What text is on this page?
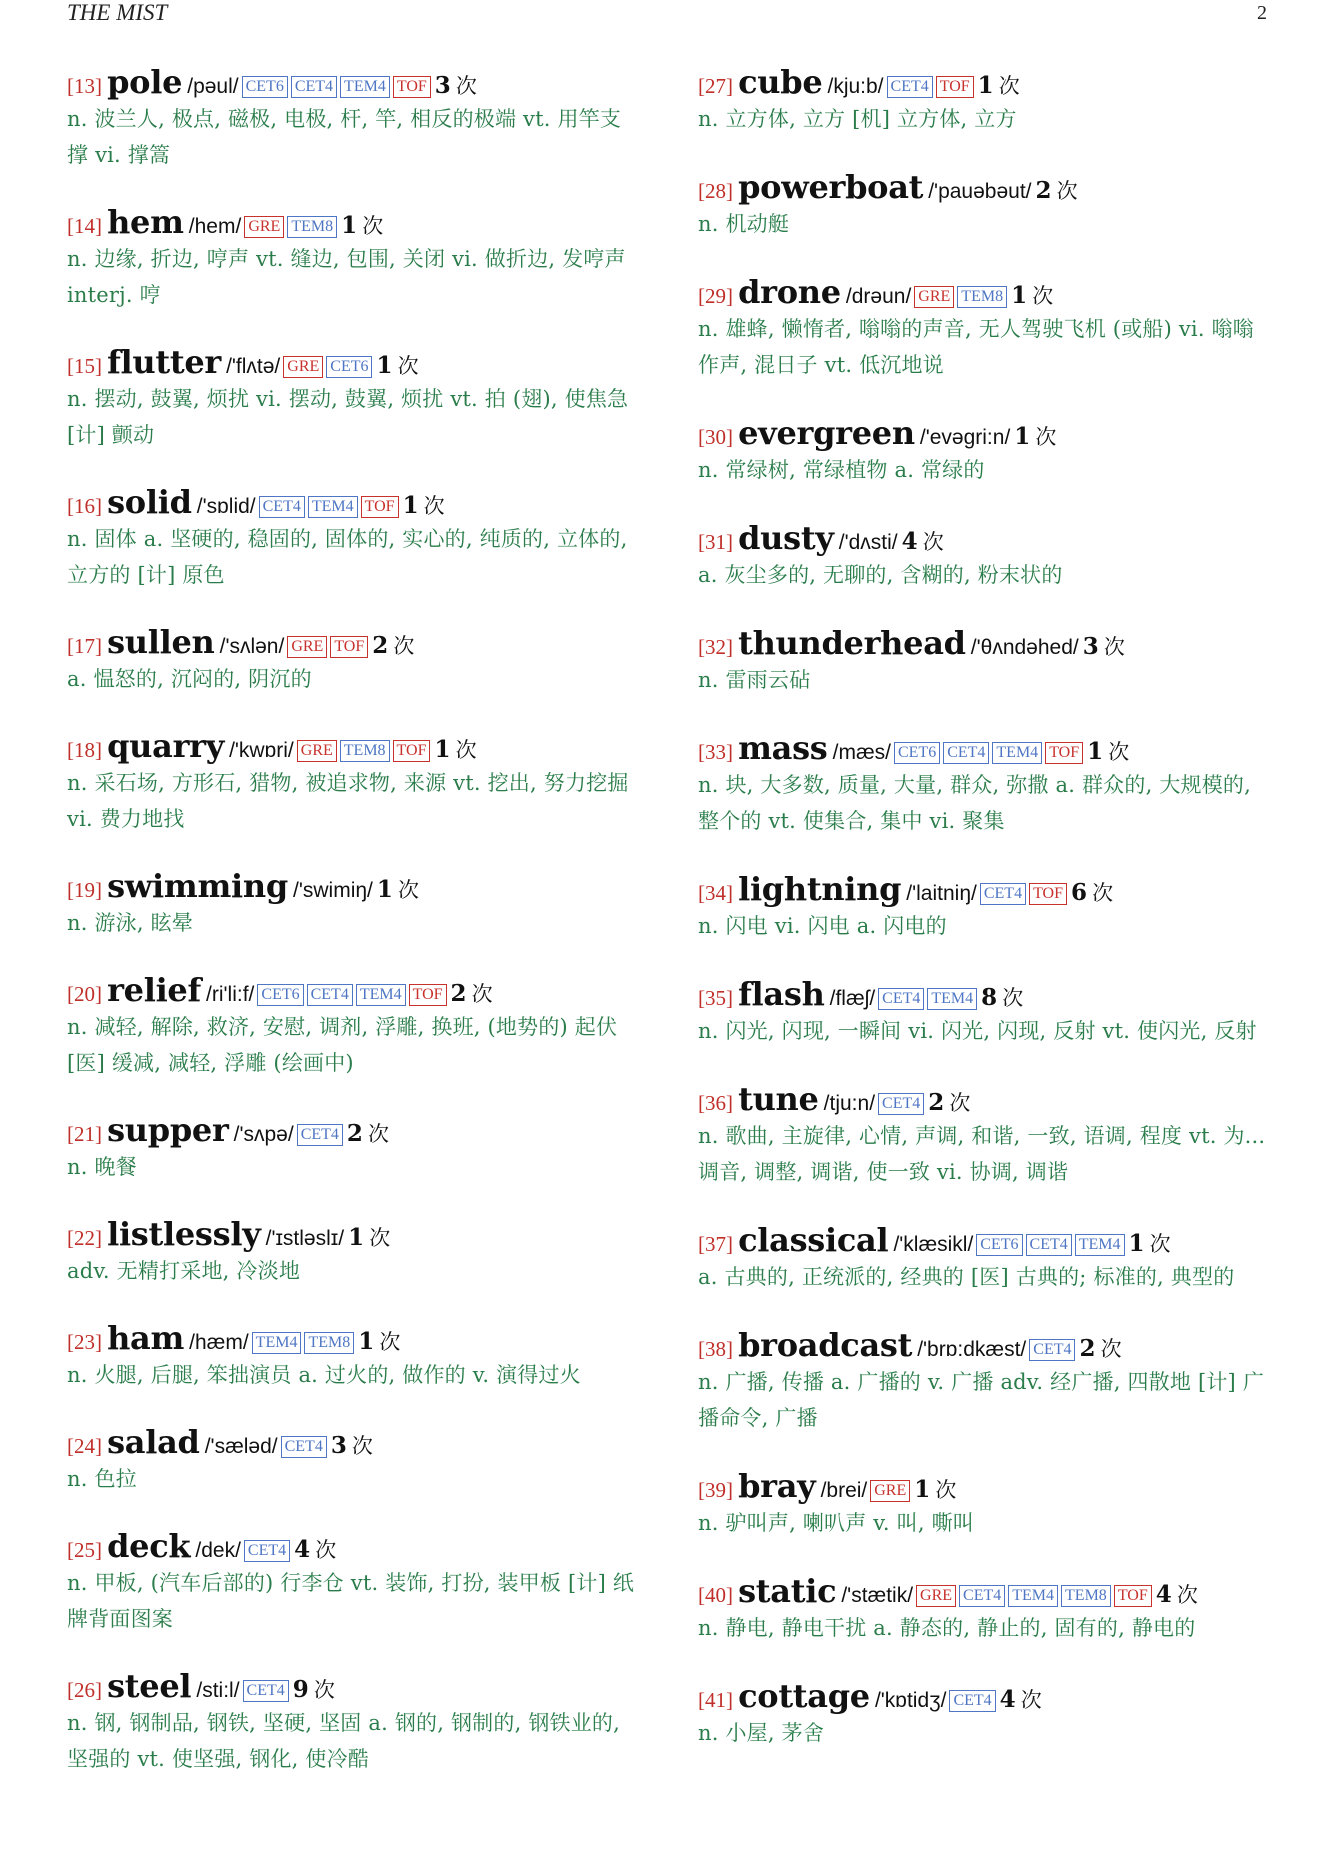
THE MIST	2
[13] pole /pəul/ CET6 CET4 TEM4 TOF 3 次
n. 波兰人, 极点, 磁极, 电极, 杆, 竿, 相反的极端 vt. 用竿支撑 vi. 撑篙
[14] hem /hem/ GRE TEM8 1 次
n. 边缘, 折边, 哼声 vt. 缝边, 包围, 关闭 vi. 做折边, 发哼声 interj. 哼
[15] flutter /'flʌtə/ GRE CET6 1 次
n. 摆动, 鼓翼, 烦扰 vi. 摆动, 鼓翼, 烦扰 vt. 拍 (翅), 使焦急 [计] 颤动
[16] solid /'sɒlid/ CET4 TEM4 TOF 1 次
n. 固体 a. 坚硬的, 稳固的, 固体的, 实心的, 纯质的, 立体的, 立方的 [计] 原色
[17] sullen /'sʌlən/ GRE TOF 2 次
a. 愠怒的, 沉闷的, 阴沉的
[18] quarry /'kwɒri/ GRE TEM8 TOF 1 次
n. 采石场, 方形石, 猎物, 被追求物, 来源 vt. 挖出, 努力挖掘 vi. 费力地找
[19] swimming /'swimiŋ/ 1 次
n. 游泳, 眩晕
[20] relief /ri'li:f/ CET6 CET4 TEM4 TOF 2 次
n. 减轻, 解除, 救济, 安慰, 调剂, 浮雕, 换班, (地势的) 起伏 [医] 缓减, 减轻, 浮雕 (绘画中)
[21] supper /'sʌpə/ CET4 2 次
n. 晚餐
[22] listlessly /'ɪstləslɪ/ 1 次
adv. 无精打采地, 冷淡地
[23] ham /hæm/ TEM4 TEM8 1 次
n. 火腿, 后腿, 笨拙演员 a. 过火的, 做作的 v. 演得过火
[24] salad /'sæləd/ CET4 3 次
n. 色拉
[25] deck /dek/ CET4 4 次
n. 甲板, (汽车后部的) 行李仓 vt. 装饰, 打扮, 装甲板 [计] 纸牌背面图案
[26] steel /sti:l/ CET4 9 次
n. 钢, 钢制品, 钢铁, 坚硬, 坚固 a. 钢的, 钢制的, 钢铁业的, 坚强的 vt. 使坚强, 钢化, 使冷酷
[27] cube /kju:b/ CET4 TOF 1 次
n. 立方体, 立方 [机] 立方体, 立方
[28] powerboat /'pauəbəut/ 2 次
n. 机动艇
[29] drone /drəun/ GRE TEM8 1 次
n. 雄蜂, 懒惰者, 嗡嗡的声音, 无人驾驶飞机 (或船) vi. 嗡嗡作声, 混日子 vt. 低沉地说
[30] evergreen /'evəgri:n/ 1 次
n. 常绿树, 常绿植物 a. 常绿的
[31] dusty /'dʌsti/ 4 次
a. 灰尘多的, 无聊的, 含糊的, 粉末状的
[32] thunderhead /'θʌndəhed/ 3 次
n. 雷雨云砧
[33] mass /mæs/ CET6 CET4 TEM4 TOF 1 次
n. 块, 大多数, 质量, 大量, 群众, 弥撒 a. 群众的, 大规模的, 整个的 vt. 使集合, 集中 vi. 聚集
[34] lightning /'laitniŋ/ CET4 TOF 6 次
n. 闪电 vi. 闪电 a. 闪电的
[35] flash /flæʃ/ CET4 TEM4 8 次
n. 闪光, 闪现, 一瞬间 vi. 闪光, 闪现, 反射 vt. 使闪光, 反射
[36] tune /tju:n/ CET4 2 次
n. 歌曲, 主旋律, 心情, 声调, 和谐, 一致, 语调, 程度 vt. 为... 调音, 调整, 调谐, 使一致 vi. 协调, 调谐
[37] classical /'klæsikl/ CET6 CET4 TEM4 1 次
a. 古典的, 正统派的, 经典的 [医] 古典的; 标准的, 典型的
[38] broadcast /'brɒ:dkæst/ CET4 2 次
n. 广播, 传播 a. 广播的 v. 广播 adv. 经广播, 四散地 [计] 广播命令, 广播
[39] bray /brei/ GRE 1 次
n. 驴叫声, 喇叭声 v. 叫, 嘶叫
[40] static /'stætik/ GRE CET4 TEM4 TEM8 TOF 4 次
n. 静电, 静电干扰 a. 静态的, 静止的, 固有的, 静电的
[41] cottage /'kɒtidʒ/ CET4 4 次
n. 小屋, 茅舍
